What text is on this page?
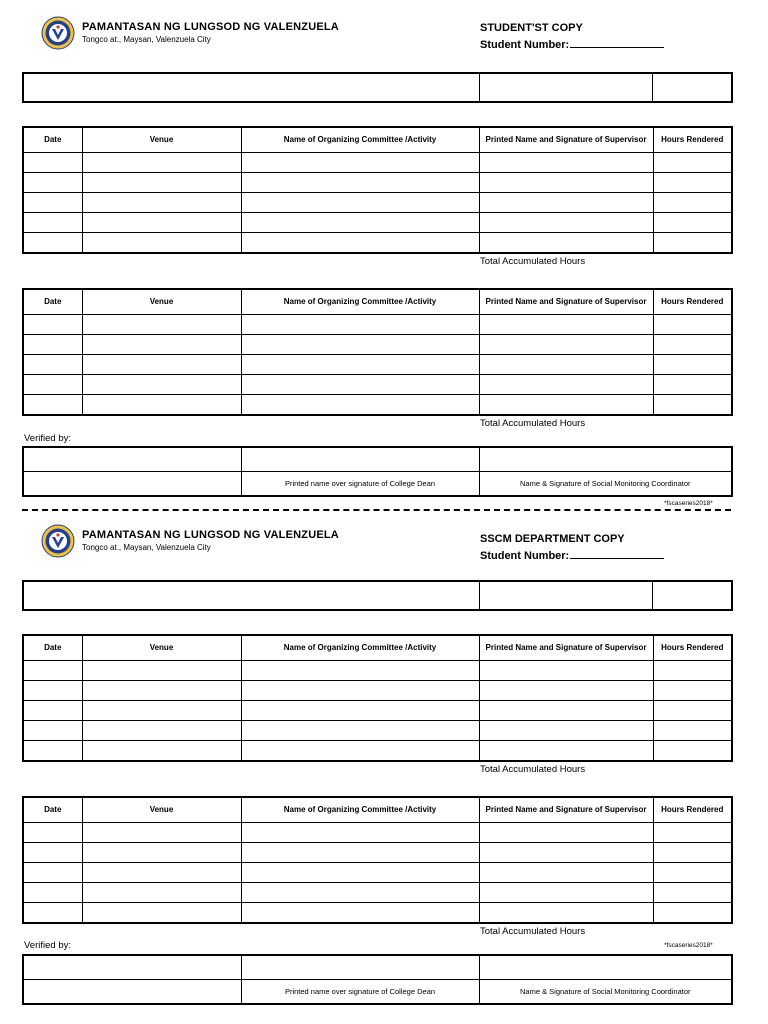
PAMANTASAN NG LUNGSOD NG VALENZUELA
Tongco at., Maysan, Valenzuela City
STUDENT'ST COPY
Student Number:

Date	Venue	Name of Organizing Committee /Activity	Printed Name and Signature of Supervisor	Hours Rendered

Total Accumulated Hours
Date	Venue	Name of Organizing Committee /Activity	Printed Name and Signature of Supervisor	Hours Rendered

Total Accumulated Hours
Verified by:

	Printed name over signature of College Dean	Name & Signature of Social Monitoring Coordinator
*fscaseries2018*
PAMANTASAN NG LUNGSOD NG VALENZUELA
Tongco at., Maysan, Valenzuela City
SSCM DEPARTMENT COPY
Student Number:

Date	Venue	Name of Organizing Committee /Activity	Printed Name and Signature of Supervisor	Hours Rendered

Total Accumulated Hours
Date	Venue	Name of Organizing Committee /Activity	Printed Name and Signature of Supervisor	Hours Rendered

Total Accumulated Hours
Verified by:	*fscaseries2018*

	Printed name over signature of College Dean	Name & Signature of Social Monitoring Coordinator
